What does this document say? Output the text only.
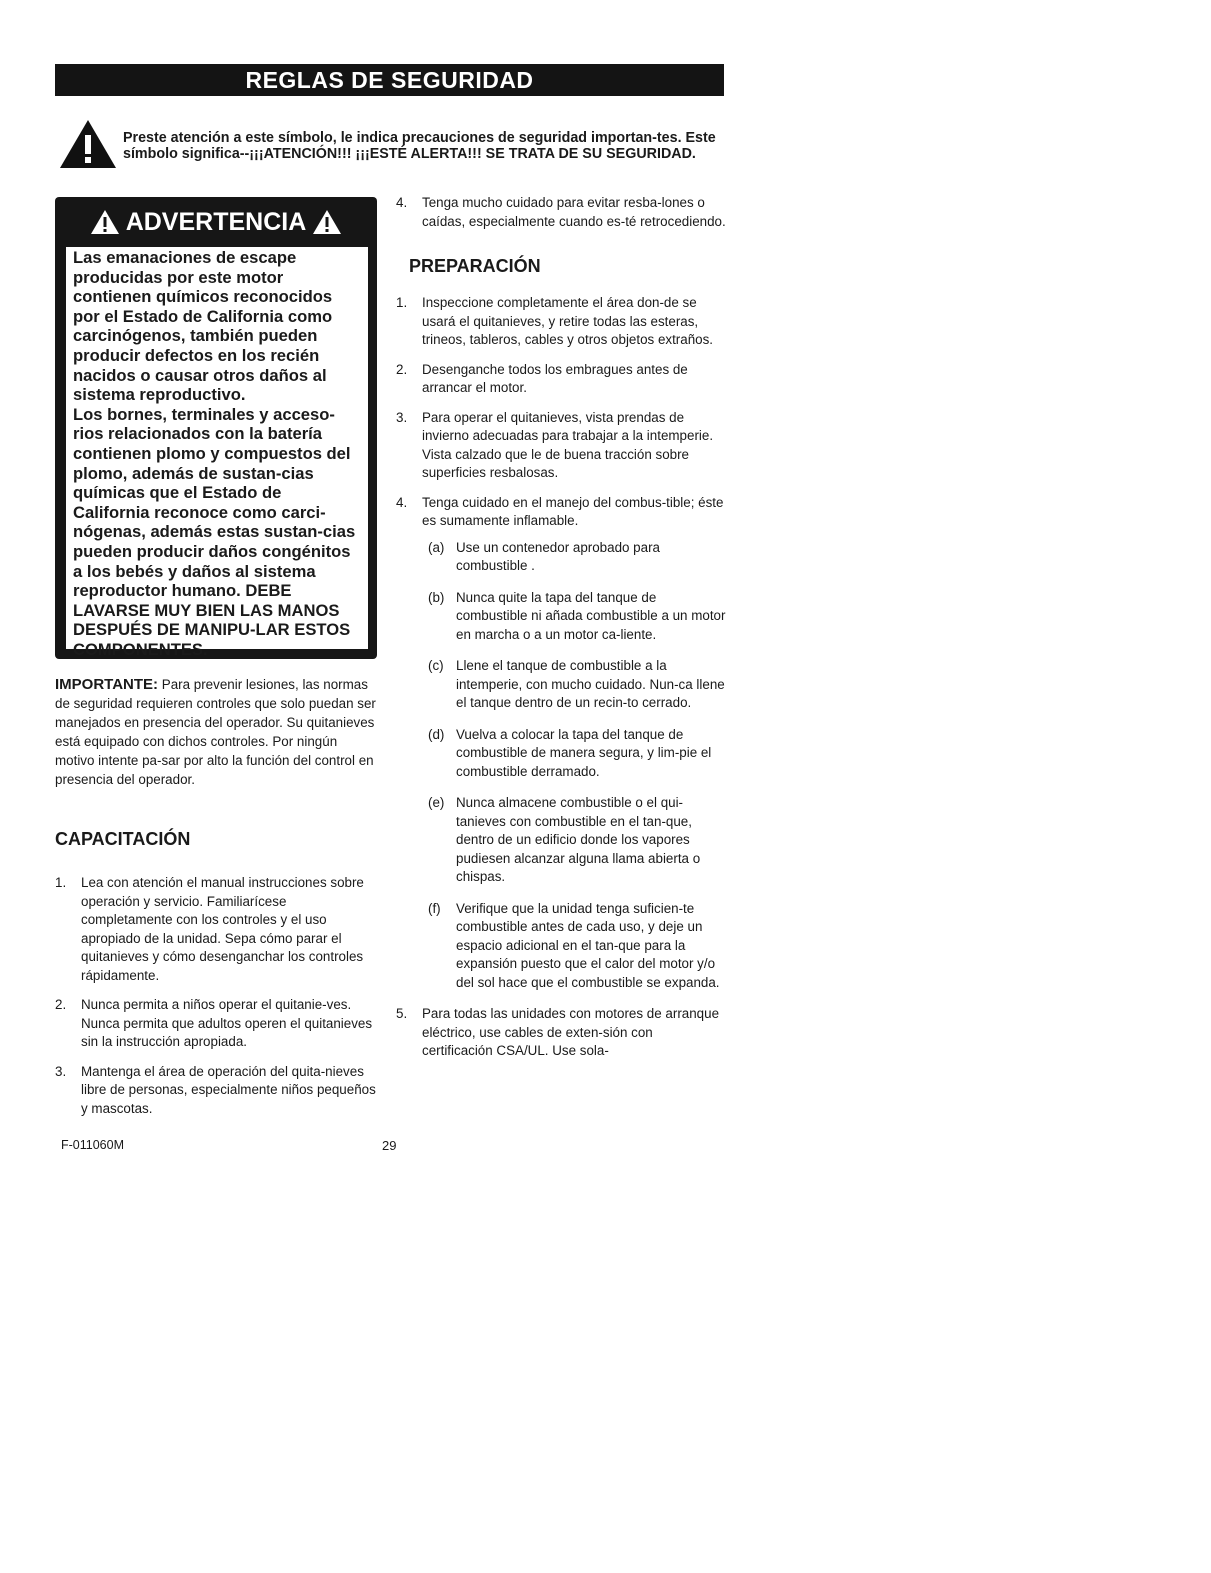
REGLAS DE SEGURIDAD
Preste atención a este símbolo, le indica precauciones de seguridad importan-tes. Este símbolo significa--¡¡¡ATENCIÓN!!! ¡¡¡ESTÉ ALERTA!!! SE TRATA DE SU SEGURIDAD.
ADVERTENCIA

Las emanaciones de escape producidas por este motor contienen químicos reconocidos por el Estado de California como carcinógenos, también pueden producir defectos en los recién nacidos o causar otros daños al sistema reproductivo.

Los bornes, terminales y acceso-rios relacionados con la batería contienen plomo y compuestos del plomo, además de sustan-cias químicas que el Estado de California reconoce como carci-nógenas, además estas sustan-cias pueden producir daños congénitos a los bebés y daños al sistema reproductor humano. DEBE LAVARSE MUY BIEN LAS MANOS DESPUÉS DE MANIPU-LAR ESTOS COMPONENTES.

IMPORTANTE: Para prevenir lesiones, las normas de seguridad requieren controles que solo puedan ser manejados en presencia del operador. Su quitanieves está equipado con dichos controles. Por ningún motivo intente pa-sar por alto la función del control en presencia del operador.

CAPACITACIÓN

1. Lea con atención el manual instrucciones sobre operación y servicio. Familiarícese completamente con los controles y el uso apropiado de la unidad. Sepa cómo parar el quitanieves y cómo desenganchar los controles rápidamente.
2. Nunca permita a niños operar el quitanie-ves. Nunca permita que adultos operen el quitanieves sin la instrucción apropiada.
3. Mantenga el área de operación del quita-nieves libre de personas, especialmente niños pequeños y mascotas.
4. Tenga mucho cuidado para evitar resba-lones o caídas, especialmente cuando es-té retrocediendo.

PREPARACIÓN

1. Inspeccione completamente el área don-de se usará el quitanieves, y retire todas las esteras, trineos, tableros, cables y otros objetos extraños.
2. Desenganche todos los embragues antes de arrancar el motor.
3. Para operar el quitanieves, vista prendas de invierno adecuadas para trabajar a la intemperie. Vista calzado que le de buena tracción sobre superficies resbalosas.
4. Tenga cuidado en el manejo del combus-tible; éste es sumamente inflamable.
(a) Use un contenedor aprobado para combustible .
(b) Nunca quite la tapa del tanque de combustible ni añada combustible a un motor en marcha o a un motor ca-liente.
(c) Llene el tanque de combustible a la intemperie, con mucho cuidado. Nun-ca llene el tanque dentro de un recin-to cerrado.
(d) Vuelva a colocar la tapa del tanque de combustible de manera segura, y lim-pie el combustible derramado.
(e) Nunca almacene combustible o el qui-tanieves con combustible en el tan-que, dentro de un edificio donde los vapores pudiesen alcanzar alguna llama abierta o chispas.
(f) Verifique que la unidad tenga suficien-te combustible antes de cada uso, y deje un espacio adicional en el tan-que para la expansión puesto que el calor del motor y/o del sol hace que el combustible se expanda.
5. Para todas las unidades con motores de arranque eléctrico, use cables de exten-sión con certificación CSA/UL. Use sola-
F-011060M	29
